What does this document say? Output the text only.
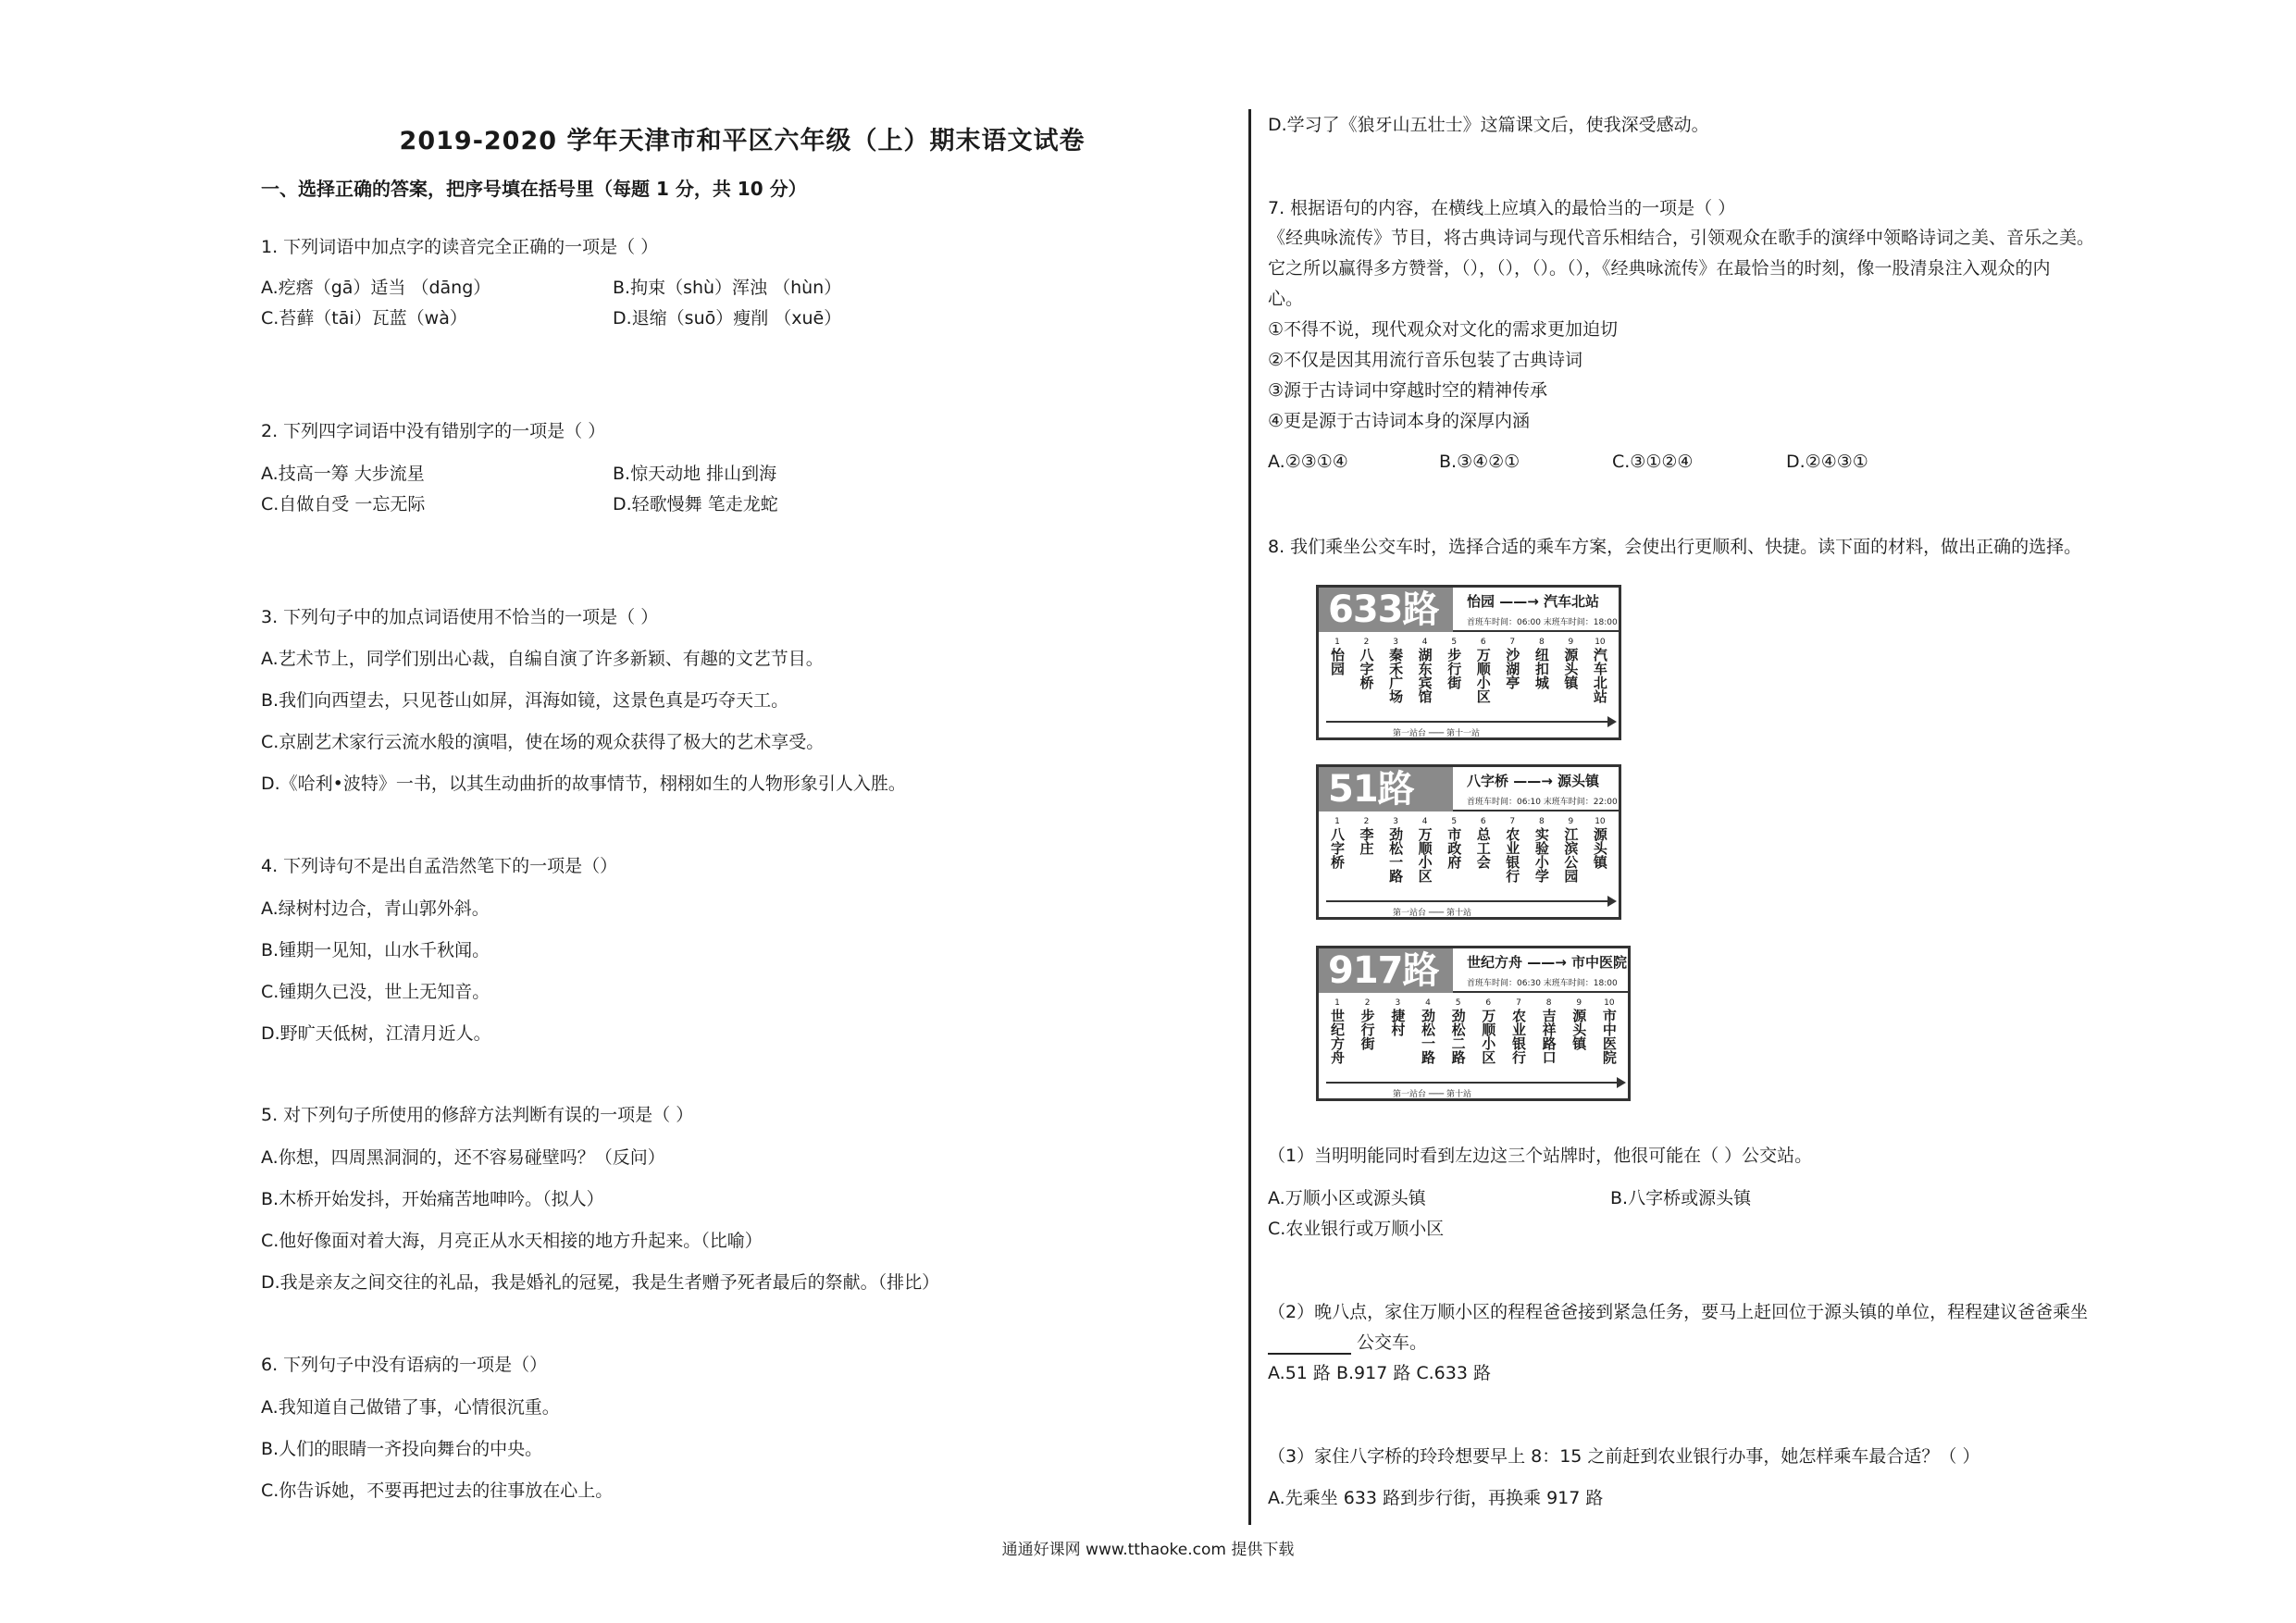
2019-2020 学年天津市和平区六年级（上）期末语文试卷
一、选择正确的答案，把序号填在括号里（每题 1 分，共 10 分）
1. 下列词语中加点字的读音完全正确的一项是（ ）
A.疙瘩（gā）适当 （dāng）	B.拘束（shù）浑浊 （hùn）
C.苔藓（tāi）瓦蓝（wà）	D.退缩（suō）瘦削 （xuē）
2. 下列四字词语中没有错别字的一项是（ ）
A.技高一筹 大步流星	B.惊天动地 排山到海
C.自做自受 一忘无际	D.轻歌慢舞 笔走龙蛇
3. 下列句子中的加点词语使用不恰当的一项是（ ）
A.艺术节上，同学们别出心裁，自编自演了许多新颖、有趣的文艺节目。
B.我们向西望去，只见苍山如屏，洱海如镜，这景色真是巧夺天工。
C.京剧艺术家行云流水般的演唱，使在场的观众获得了极大的艺术享受。
D.《哈利•波特》一书，以其生动曲折的故事情节，栩栩如生的人物形象引人入胜。
4. 下列诗句不是出自孟浩然笔下的一项是（）
A.绿树村边合，青山郭外斜。
B.锺期一见知，山水千秋闻。
C.锺期久已没，世上无知音。
D.野旷天低树，江清月近人。
5. 对下列句子所使用的修辞方法判断有误的一项是（ ）
A.你想，四周黑洞洞的，还不容易碰壁吗？（反问）
B.木桥开始发抖，开始痛苦地呻吟。（拟人）
C.他好像面对着大海，月亮正从水天相接的地方升起来。（比喻）
D.我是亲友之间交往的礼品，我是婚礼的冠冕，我是生者赠予死者最后的祭献。（排比）
6. 下列句子中没有语病的一项是（）
A.我知道自己做错了事，心情很沉重。
B.人们的眼睛一齐投向舞台的中央。
C.你告诉她，不要再把过去的往事放在心上。
D.学习了《狼牙山五壮士》这篇课文后，使我深受感动。
7. 根据语句的内容，在横线上应填入的最恰当的一项是（ ）
《经典咏流传》节目，将古典诗词与现代音乐相结合，引领观众在歌手的演绎中领略诗词之美、音乐之美。
它之所以赢得多方赞誉，（），（），（）。（），《经典咏流传》在最恰当的时刻，像一股清泉注入观众的内
心。
①不得不说，现代观众对文化的需求更加迫切
②不仅是因其用流行音乐包装了古典诗词
③源于古诗词中穿越时空的精神传承
④更是源于古诗词本身的深厚内涵
A.②③①④	B.③④②①	C.③①②④	D.②④③①
8. 我们乘坐公交车时，选择合适的乘车方案，会使出行更顺利、快捷。读下面的材料，做出正确的选择。
633路	怡园 ——→ 汽车北站
首班车时间：06:00 末班车时间：18:00
1
怡园
2
八字桥
3
秦禾广场
4
湖东宾馆
5
步行街
6
万顺小区
7
沙湖亭
8
纽扣城
9
源头镇
10
汽车北站
第一站台 ─── 第十一站
51路	八字桥 ——→ 源头镇
首班车时间：06:10 末班车时间：22:00
1
八字桥
2
李庄
3
劲松一路
4
万顺小区
5
市政府
6
总工会
7
农业银行
8
实验小学
9
江滨公园
10
源头镇
第一站台 ─── 第十站
917路	世纪方舟 ——→ 市中医院
首班车时间：06:30 末班车时间：18:00
1
世纪方舟
2
步行街
3
捷村
4
劲松一路
5
劲松二路
6
万顺小区
7
农业银行
8
吉祥路口
9
源头镇
10
市中医院
第一站台 ─── 第十站
（1）当明明能同时看到左边这三个站牌时，他很可能在（ ）公交站。
A.万顺小区或源头镇	B.八字桥或源头镇
C.农业银行或万顺小区
（2）晚八点，家住万顺小区的程程爸爸接到紧急任务，要马上赶回位于源头镇的单位，程程建议爸爸乘坐
公交车。
A.51 路 B.917 路 C.633 路
（3）家住八字桥的玲玲想要早上 8：15 之前赶到农业银行办事，她怎样乘车最合适？（ ）
A.先乘坐 633 路到步行街，再换乘 917 路
通通好课网 www.tthaoke.com 提供下载
